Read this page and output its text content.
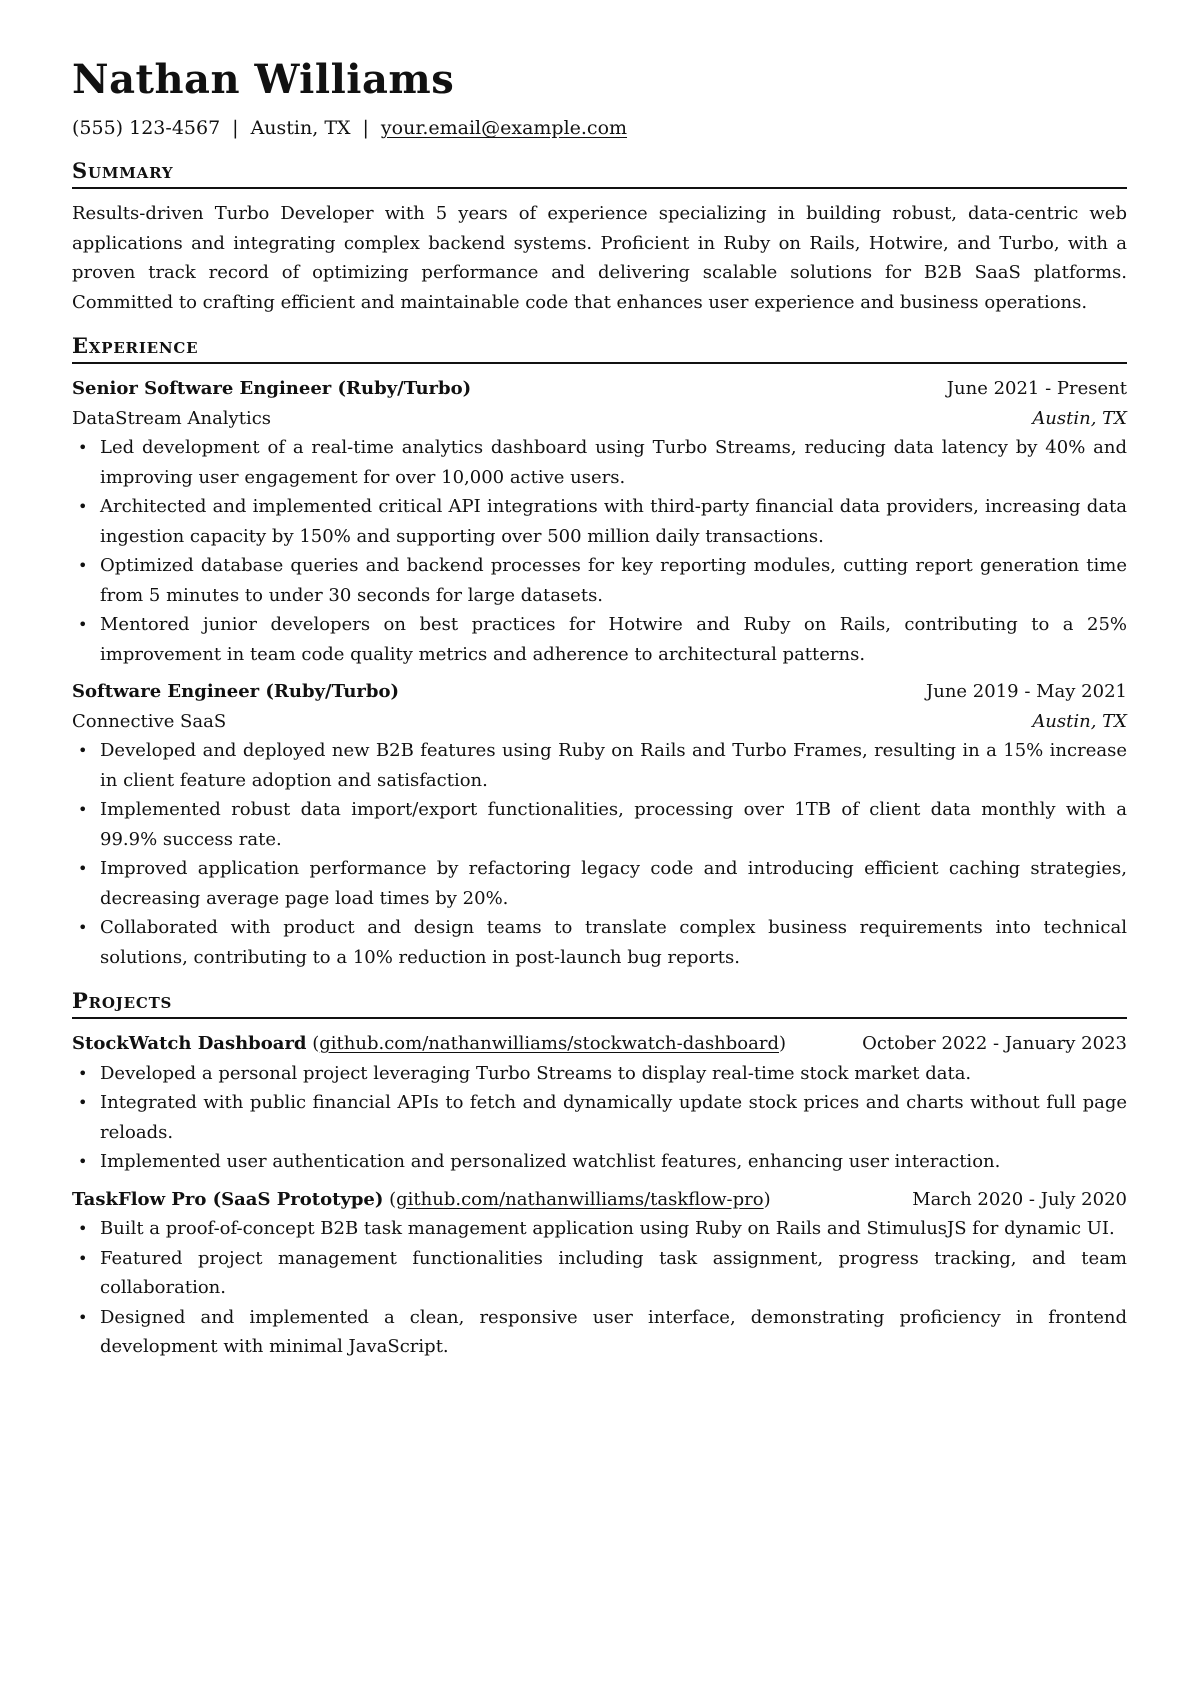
Nathan Williams
(555) 123-4567 | Austin, TX | your.email@example.com
Summary

Results-driven Turbo Developer with 5 years of experience specializing in building robust, data-centric web applications and integrating complex backend systems. Proficient in Ruby on Rails, Hotwire, and Turbo, with a proven track record of optimizing performance and delivering scalable solutions for B2B SaaS platforms. Committed to crafting efficient and maintainable code that enhances user experience and business operations.

Experience
Senior Software Engineer (Ruby/Turbo)	June 2021 - Present
DataStream Analytics	Austin, TX
• Led development of a real-time analytics dashboard using Turbo Streams, reducing data latency by 40% and improving user engagement for over 10,000 active users.
• Architected and implemented critical API integrations with third-party financial data providers, increasing data ingestion capacity by 150% and supporting over 500 million daily transactions.
• Optimized database queries and backend processes for key reporting modules, cutting report generation time from 5 minutes to under 30 seconds for large datasets.
• Mentored junior developers on best practices for Hotwire and Ruby on Rails, contributing to a 25% improvement in team code quality metrics and adherence to architectural patterns.
Software Engineer (Ruby/Turbo)	June 2019 - May 2021
Connective SaaS	Austin, TX
• Developed and deployed new B2B features using Ruby on Rails and Turbo Frames, resulting in a 15% increase in client feature adoption and satisfaction.
• Implemented robust data import/export functionalities, processing over 1TB of client data monthly with a 99.9% success rate.
• Improved application performance by refactoring legacy code and introducing efficient caching strategies, decreasing average page load times by 20%.
• Collaborated with product and design teams to translate complex business requirements into technical solutions, contributing to a 10% reduction in post-launch bug reports.
Projects
October 2022 - January 2023
StockWatch Dashboard (github.com/nathanwilliams/stockwatch-dashboard)
• Developed a personal project leveraging Turbo Streams to display real-time stock market data.
• Integrated with public financial APIs to fetch and dynamically update stock prices and charts without full page reloads.
• Implemented user authentication and personalized watchlist features, enhancing user interaction.
TaskFlow Pro (SaaS Prototype) (github.com/nathanwilliams/taskflow-pro)	March 2020 - July 2020
• Built a proof-of-concept B2B task management application using Ruby on Rails and StimulusJS for dynamic UI.
• Featured project management functionalities including task assignment, progress tracking, and team collaboration.
• Designed and implemented a clean, responsive user interface, demonstrating proficiency in frontend development with minimal JavaScript.
